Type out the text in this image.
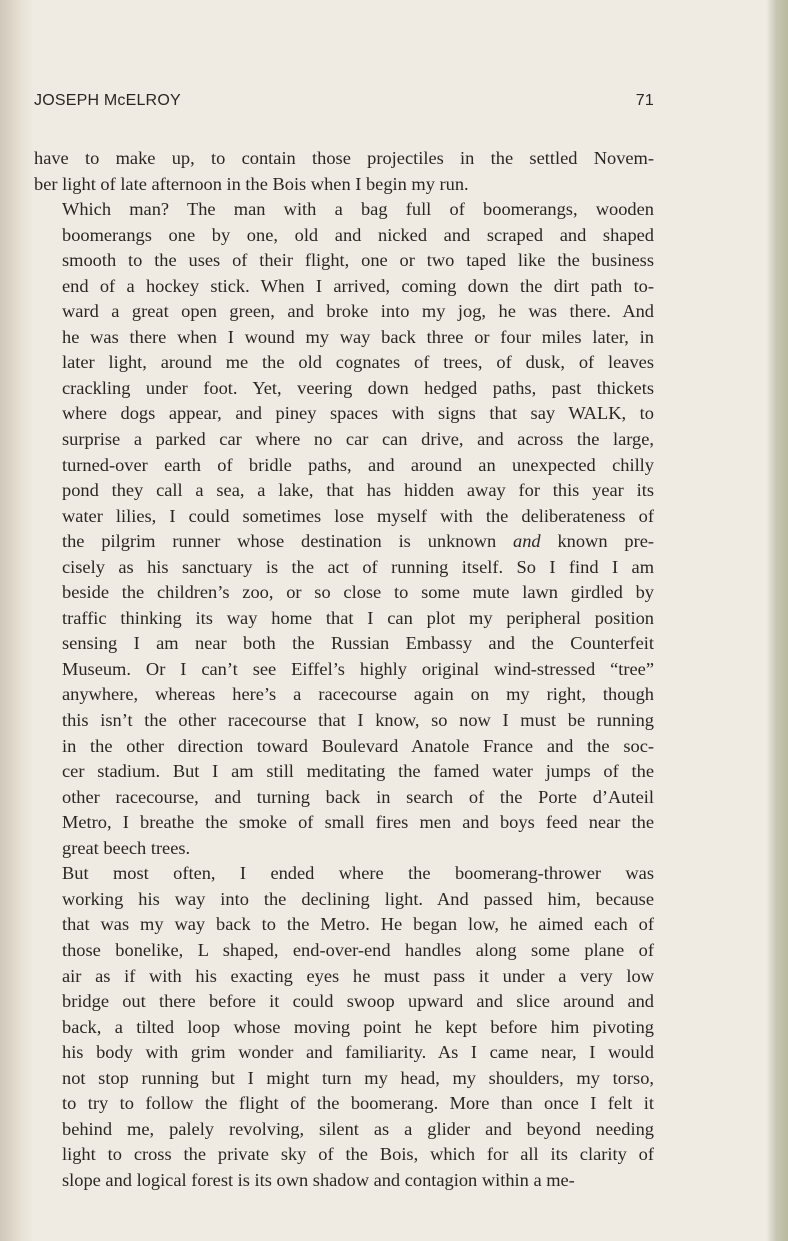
JOSEPH McELROY	71

have to make up, to contain those projectiles in the settled Novem-
ber light of late afternoon in the Bois when I begin my run.

Which man? The man with a bag full of boomerangs, wooden
boomerangs one by one, old and nicked and scraped and shaped
smooth to the uses of their flight, one or two taped like the business
end of a hockey stick. When I arrived, coming down the dirt path to-
ward a great open green, and broke into my jog, he was there. And
he was there when I wound my way back three or four miles later, in
later light, around me the old cognates of trees, of dusk, of leaves
crackling under foot. Yet, veering down hedged paths, past thickets
where dogs appear, and piney spaces with signs that say WALK, to
surprise a parked car where no car can drive, and across the large,
turned-over earth of bridle paths, and around an unexpected chilly
pond they call a sea, a lake, that has hidden away for this year its
water lilies, I could sometimes lose myself with the deliberateness of
the pilgrim runner whose destination is unknown and known pre-
cisely as his sanctuary is the act of running itself. So I find I am
beside the children’s zoo, or so close to some mute lawn girdled by
traffic thinking its way home that I can plot my peripheral position
sensing I am near both the Russian Embassy and the Counterfeit
Museum. Or I can’t see Eiffel’s highly original wind-stressed “tree”
anywhere, whereas here’s a racecourse again on my right, though
this isn’t the other racecourse that I know, so now I must be running
in the other direction toward Boulevard Anatole France and the soc-
cer stadium. But I am still meditating the famed water jumps of the
other racecourse, and turning back in search of the Porte d’Auteil
Metro, I breathe the smoke of small fires men and boys feed near the
great beech trees.

But most often, I ended where the boomerang-thrower was
working his way into the declining light. And passed him, because
that was my way back to the Metro. He began low, he aimed each of
those bonelike, L shaped, end-over-end handles along some plane of
air as if with his exacting eyes he must pass it under a very low
bridge out there before it could swoop upward and slice around and
back, a tilted loop whose moving point he kept before him pivoting
his body with grim wonder and familiarity. As I came near, I would
not stop running but I might turn my head, my shoulders, my torso,
to try to follow the flight of the boomerang. More than once I felt it
behind me, palely revolving, silent as a glider and beyond needing
light to cross the private sky of the Bois, which for all its clarity of
slope and logical forest is its own shadow and contagion within a me-
